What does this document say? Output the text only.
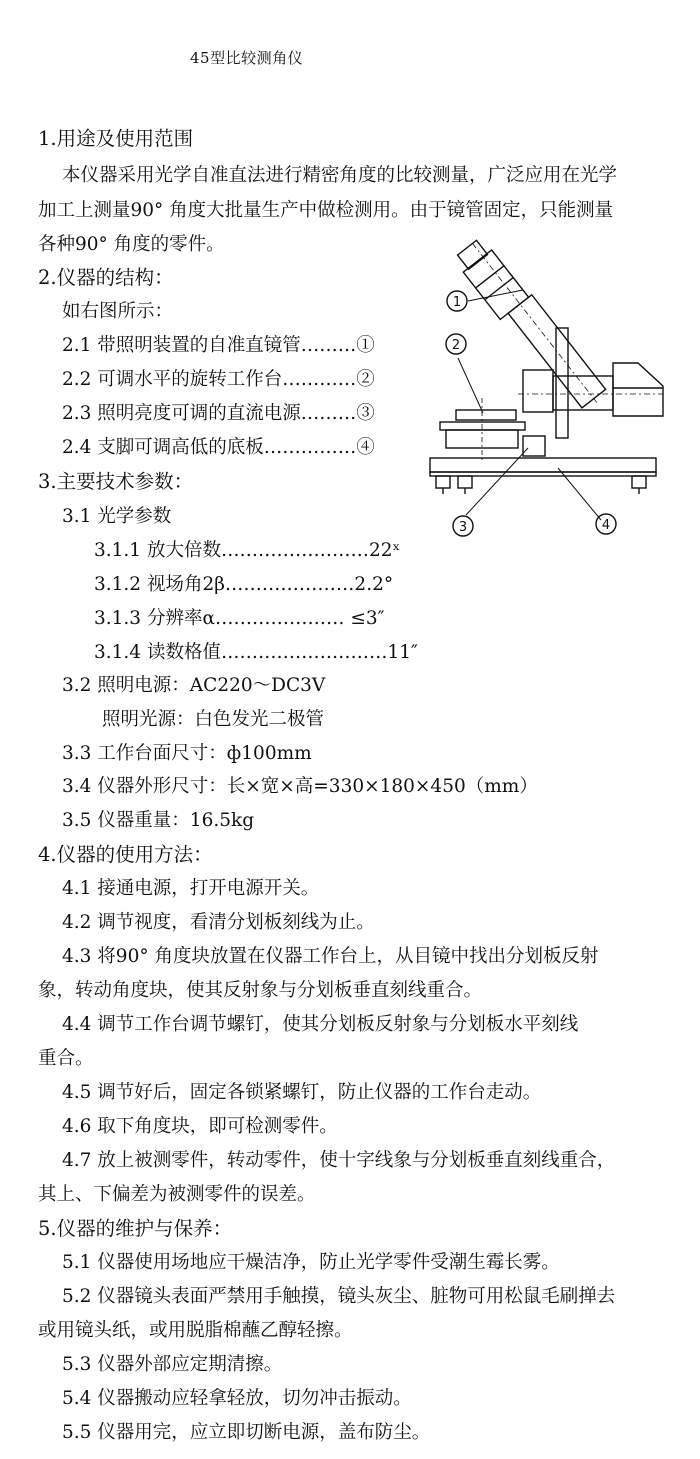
45型比较测角仪
1.用途及使用范围
本仪器采用光学自准直法进行精密角度的比较测量，广泛应用在光学
加工上测量90° 角度大批量生产中做检测用。由于镜管固定，只能测量
各种90° 角度的零件。
2.仪器的结构：
如右图所示：
2.1 带照明装置的自准直镜管………①
2.2 可调水平的旋转工作台…………②
2.3 照明亮度可调的直流电源………③
2.4 支脚可调高低的底板……………④
1
2
3	4
3.主要技术参数：
3.1 光学参数
3.1.1 放大倍数……………………22ˣ
3.1.2 视场角2β…………………2.2°
3.1.3 分辨率α………………… ≤3″
3.1.4 读数格值………………………11″
3.2 照明电源：AC220～DC3V
照明光源：白色发光二极管
3.3 工作台面尺寸：ф100mm
3.4 仪器外形尺寸：长×宽×高=330×180×450（mm）
3.5 仪器重量：16.5kg
4.仪器的使用方法：
4.1 接通电源，打开电源开关。
4.2 调节视度，看清分划板刻线为止。
4.3 将90° 角度块放置在仪器工作台上，从目镜中找出分划板反射
象，转动角度块，使其反射象与分划板垂直刻线重合。
4.4 调节工作台调节螺钉，使其分划板反射象与分划板水平刻线
重合。
4.5 调节好后，固定各锁紧螺钉，防止仪器的工作台走动。
4.6 取下角度块，即可检测零件。
4.7 放上被测零件，转动零件，使十字线象与分划板垂直刻线重合，
其上、下偏差为被测零件的误差。
5.仪器的维护与保养：
5.1 仪器使用场地应干燥洁净，防止光学零件受潮生霉长雾。
5.2 仪器镜头表面严禁用手触摸，镜头灰尘、脏物可用松鼠毛刷掸去
或用镜头纸，或用脱脂棉蘸乙醇轻擦。
5.3 仪器外部应定期清擦。
5.4 仪器搬动应轻拿轻放，切勿冲击振动。
5.5 仪器用完，应立即切断电源，盖布防尘。
